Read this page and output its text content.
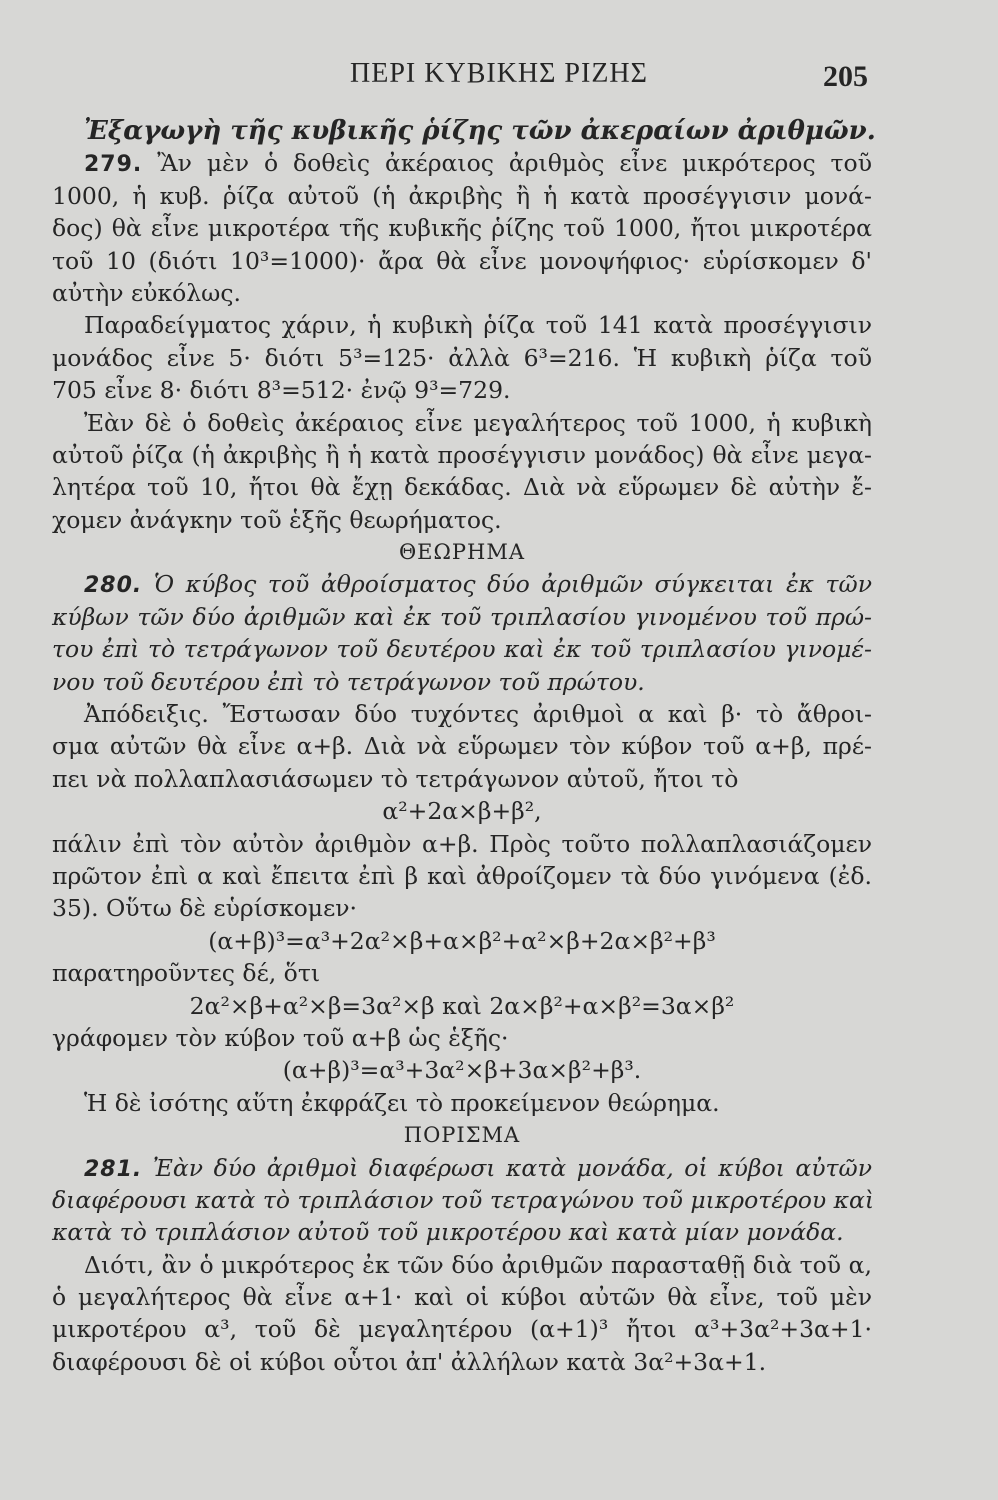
ΠΕΡΙ ΚΥΒΙΚΗΣ ΡΙΖΗΣ	205
Ἐξαγωγὴ τῆς κυβικῆς ῥίζης τῶν ἀκεραίων ἀριθμῶν.
279. Ἂν μὲν ὁ δοθεὶς ἀκέραιος ἀριθμὸς εἶνε μικρότερος τοῦ
1000, ἡ κυβ. ῥίζα αὐτοῦ (ἡ ἀκριβὴς ἢ ἡ κατὰ προσέγγισιν μονά-
δος) θὰ εἶνε μικροτέρα τῆς κυβικῆς ῥίζης τοῦ 1000, ἤτοι μικροτέρα
τοῦ 10 (διότι 10³=1000)· ἄρα θὰ εἶνε μονοψήφιος· εὑρίσκομεν δ'
αὐτὴν εὐκόλως.
Παραδείγματος χάριν, ἡ κυβικὴ ῥίζα τοῦ 141 κατὰ προσέγγισιν
μονάδος εἶνε 5· διότι 5³=125· ἀλλὰ 6³=216. Ἡ κυβικὴ ῥίζα τοῦ
705 εἶνε 8· διότι 8³=512· ἐνῷ 9³=729.
Ἐὰν δὲ ὁ δοθεὶς ἀκέραιος εἶνε μεγαλήτερος τοῦ 1000, ἡ κυβικὴ
αὐτοῦ ῥίζα (ἡ ἀκριβὴς ἢ ἡ κατὰ προσέγγισιν μονάδος) θὰ εἶνε μεγα-
λητέρα τοῦ 10, ἤτοι θὰ ἔχῃ δεκάδας. Διὰ νὰ εὕρωμεν δὲ αὐτὴν ἔ-
χομεν ἀνάγκην τοῦ ἑξῆς θεωρήματος.
ΘΕΩΡΗΜΑ
280. Ὁ κύβος τοῦ ἀθροίσματος δύο ἀριθμῶν σύγκειται ἐκ τῶν
κύβων τῶν δύο ἀριθμῶν καὶ ἐκ τοῦ τριπλασίου γινομένου τοῦ πρώ-
του ἐπὶ τὸ τετράγωνον τοῦ δευτέρου καὶ ἐκ τοῦ τριπλασίου γινομέ-
νου τοῦ δευτέρου ἐπὶ τὸ τετράγωνον τοῦ πρώτου.
Ἀπόδειξις. Ἔστωσαν δύο τυχόντες ἀριθμοὶ α καὶ β· τὸ ἄθροι-
σμα αὐτῶν θὰ εἶνε α+β. Διὰ νὰ εὕρωμεν τὸν κύβον τοῦ α+β, πρέ-
πει νὰ πολλαπλασιάσωμεν τὸ τετράγωνον αὐτοῦ, ἤτοι τὸ
α²+2α×β+β²,
πάλιν ἐπὶ τὸν αὐτὸν ἀριθμὸν α+β. Πρὸς τοῦτο πολλαπλασιάζομεν
πρῶτον ἐπὶ α καὶ ἔπειτα ἐπὶ β καὶ ἀθροίζομεν τὰ δύο γινόμενα (ἐδ.
35). Οὕτω δὲ εὑρίσκομεν·
(α+β)³=α³+2α²×β+α×β²+α²×β+2α×β²+β³
παρατηροῦντες δέ, ὅτι
2α²×β+α²×β=3α²×β καὶ 2α×β²+α×β²=3α×β²
γράφομεν τὸν κύβον τοῦ α+β ὡς ἑξῆς·
(α+β)³=α³+3α²×β+3α×β²+β³.
Ἡ δὲ ἰσότης αὕτη ἐκφράζει τὸ προκείμενον θεώρημα.
ΠΟΡΙΣΜΑ
281. Ἐὰν δύο ἀριθμοὶ διαφέρωσι κατὰ μονάδα, οἱ κύβοι αὐτῶν
διαφέρουσι κατὰ τὸ τριπλάσιον τοῦ τετραγώνου τοῦ μικροτέρου καὶ
κατὰ τὸ τριπλάσιον αὐτοῦ τοῦ μικροτέρου καὶ κατὰ μίαν μονάδα.
Διότι, ἂν ὁ μικρότερος ἐκ τῶν δύο ἀριθμῶν παρασταθῇ διὰ τοῦ α,
ὁ μεγαλήτερος θὰ εἶνε α+1· καὶ οἱ κύβοι αὐτῶν θὰ εἶνε, τοῦ μὲν
μικροτέρου α³, τοῦ δὲ μεγαλητέρου (α+1)³ ἤτοι α³+3α²+3α+1·
διαφέρουσι δὲ οἱ κύβοι οὗτοι ἀπ' ἀλλήλων κατὰ 3α²+3α+1.
